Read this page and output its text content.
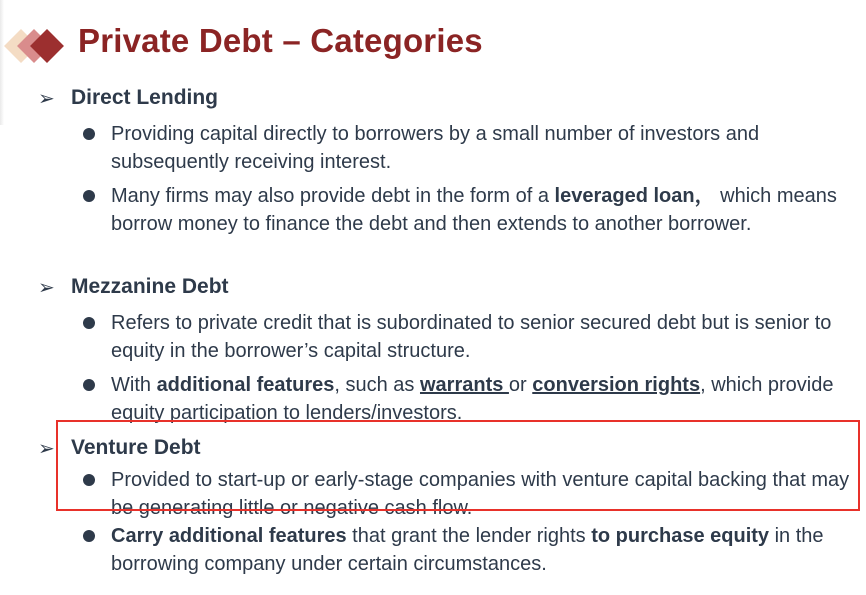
Private Debt – Categories
➢ Direct Lending
Providing capital directly to borrowers by a small number of investors and subsequently receiving interest.
Many firms may also provide debt in the form of a leveraged loan， which means borrow money to finance the debt and then extends to another borrower.
➢ Mezzanine Debt
Refers to private credit that is subordinated to senior secured debt but is senior to equity in the borrower’s capital structure.
With additional features, such as warrants or conversion rights, which provide equity participation to lenders/investors.
➢ Venture Debt
Provided to start-up or early-stage companies with venture capital backing that may be generating little or negative cash flow.
Carry additional features that grant the lender rights to purchase equity in the borrowing company under certain circumstances.
